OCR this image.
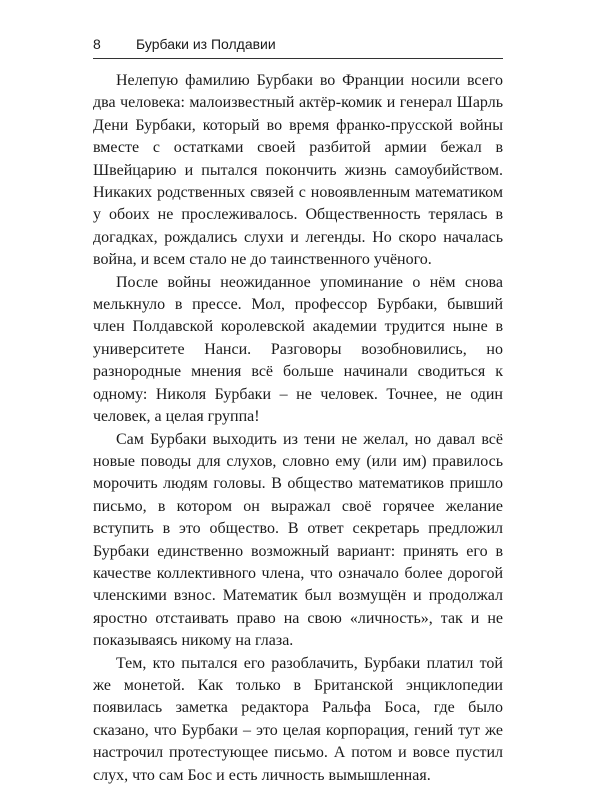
8	Бурбаки из Полдавии

Нелепую фамилию Бурбаки во Франции носили всего два человека: малоизвестный актёр-комик и генерал Шарль Дени Бурбаки, который во время франко-прусской войны вместе с остатками своей разбитой армии бежал в Швейцарию и пытался покончить жизнь самоубийством. Никаких родственных связей с новоявленным математиком у обоих не прослеживалось. Общественность терялась в догадках, рождались слухи и легенды. Но скоро началась война, и всем стало не до таинственного учёного.

После войны неожиданное упоминание о нём снова мелькнуло в прессе. Мол, профессор Бурбаки, бывший член Полдавской королевской академии трудится ныне в университете Нанси. Разговоры возобновились, но разнородные мнения всё больше начинали сводиться к одному: Николя Бурбаки – не человек. Точнее, не один человек, а целая группа!

Сам Бурбаки выходить из тени не желал, но давал всё новые поводы для слухов, словно ему (или им) правилось морочить людям головы. В общество математиков пришло письмо, в котором он выражал своё горячее желание вступить в это общество. В ответ секретарь предложил Бурбаки единственно возможный вариант: принять его в качестве коллективного члена, что означало более дорогой членскими взнос. Математик был возмущён и продолжал яростно отстаивать право на свою «личность», так и не показываясь никому на глаза.

Тем, кто пытался его разоблачить, Бурбаки платил той же монетой. Как только в Британской энциклопедии появилась заметка редактора Ральфа Боса, где было сказано, что Бурбаки – это целая корпорация, гений тут же настрочил протестующее письмо. А потом и вовсе пустил слух, что сам Бос и есть личность вымышленная.
